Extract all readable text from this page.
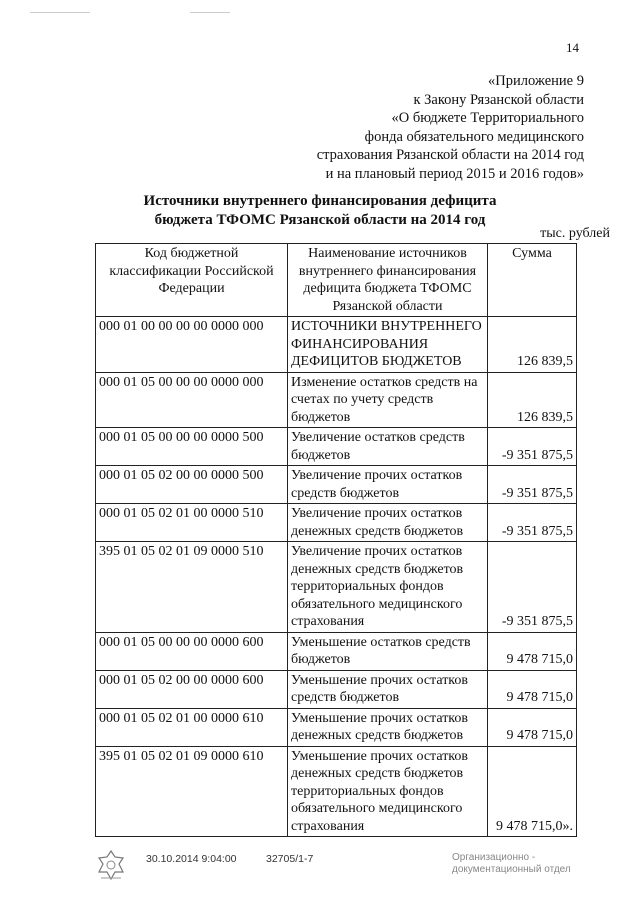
14
«Приложение 9
к Закону Рязанской области
«О бюджете Территориального
фонда обязательного медицинского
страхования Рязанской области на 2014 год
и на плановый период 2015 и 2016 годов»
Источники внутреннего финансирования дефицита
бюджета ТФОМС Рязанской области на 2014 год
тыс. рублей
Код бюджетной классификации Российской Федерации	Наименование источников внутреннего финансирования дефицита бюджета ТФОМС Рязанской области	Сумма
000 01 00 00 00 00 0000 000	ИСТОЧНИКИ ВНУТРЕННЕГО ФИНАНСИРОВАНИЯ ДЕФИЦИТОВ БЮДЖЕТОВ	126 839,5
000 01 05 00 00 00 0000 000	Изменение остатков средств на счетах по учету средств бюджетов	126 839,5
000 01 05 00 00 00 0000 500	Увеличение остатков средств бюджетов	-9 351 875,5
000 01 05 02 00 00 0000 500	Увеличение прочих остатков средств бюджетов	-9 351 875,5
000 01 05 02 01 00 0000 510	Увеличение прочих остатков денежных средств бюджетов	-9 351 875,5
395 01 05 02 01 09 0000 510	Увеличение прочих остатков денежных средств бюджетов территориальных фондов обязательного медицинского страхования	-9 351 875,5
000 01 05 00 00 00 0000 600	Уменьшение остатков средств бюджетов	9 478 715,0
000 01 05 02 00 00 0000 600	Уменьшение прочих остатков средств бюджетов	9 478 715,0
000 01 05 02 01 00 0000 610	Уменьшение прочих остатков денежных средств бюджетов	9 478 715,0
395 01 05 02 01 09 0000 610	Уменьшение прочих остатков денежных средств бюджетов территориальных фондов обязательного медицинского страхования	9 478 715,0».
30.10.2014 9:04:00	32705/1-7	Организационно -
документационный отдел
